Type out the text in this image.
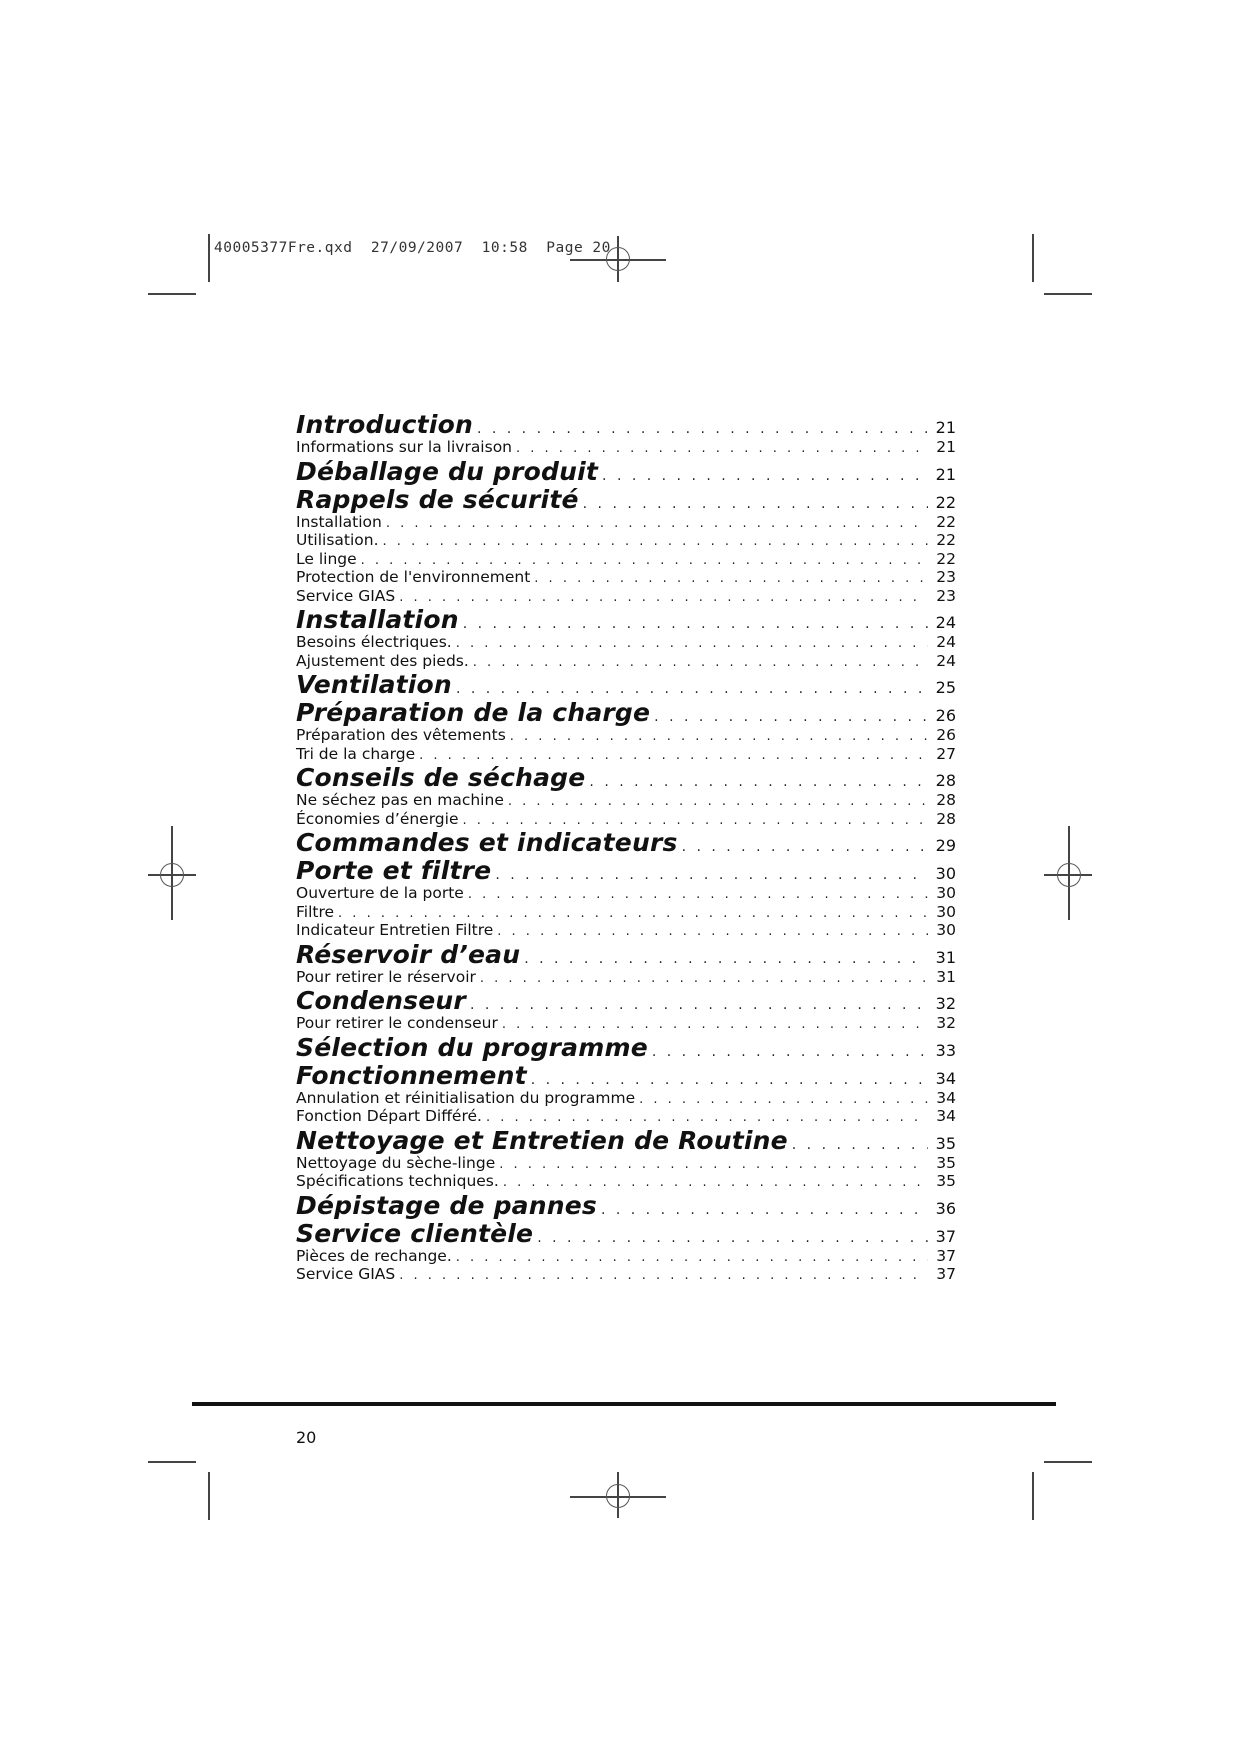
40005377Fre.qxd  27/09/2007  10:58  Page 20
Introduction . . .	21
Informations sur la livraison . . .	21
Déballage du produit . . .	21
Rappels de sécurité . . .	22
Installation . . .	22
Utilisation. . . .	22
Le linge . . .	22
Protection de l'environnement . . .	23
Service GIAS . . .	23
Installation . . .	24
Besoins électriques. . . .	24
Ajustement des pieds. . . .	24
Ventilation . . .	25
Préparation de la charge . . .	26
Préparation des vêtements . . .	26
Tri de la charge . . .	27
Conseils de séchage . . .	28
Ne séchez pas en machine . . .	28
Économies d’énergie . . .	28
Commandes et indicateurs . . .	29
Porte et filtre . . .	30
Ouverture de la porte . . .	30
Filtre . . .	30
Indicateur Entretien Filtre . . .	30
Réservoir d’eau . . .	31
Pour retirer le réservoir . . .	31
Condenseur . . .	32
Pour retirer le condenseur . . .	32
Sélection du programme . . .	33
Fonctionnement . . .	34
Annulation et réinitialisation du programme . . .	34
Fonction Départ Différé. . . .	34
Nettoyage et Entretien de Routine . . .	35
Nettoyage du sèche-linge . . .	35
Spécifications techniques. . . .	35
Dépistage de pannes . . .	36
Service clientèle . . .	37
Pièces de rechange. . . .	37
Service GIAS . . .	37
20
